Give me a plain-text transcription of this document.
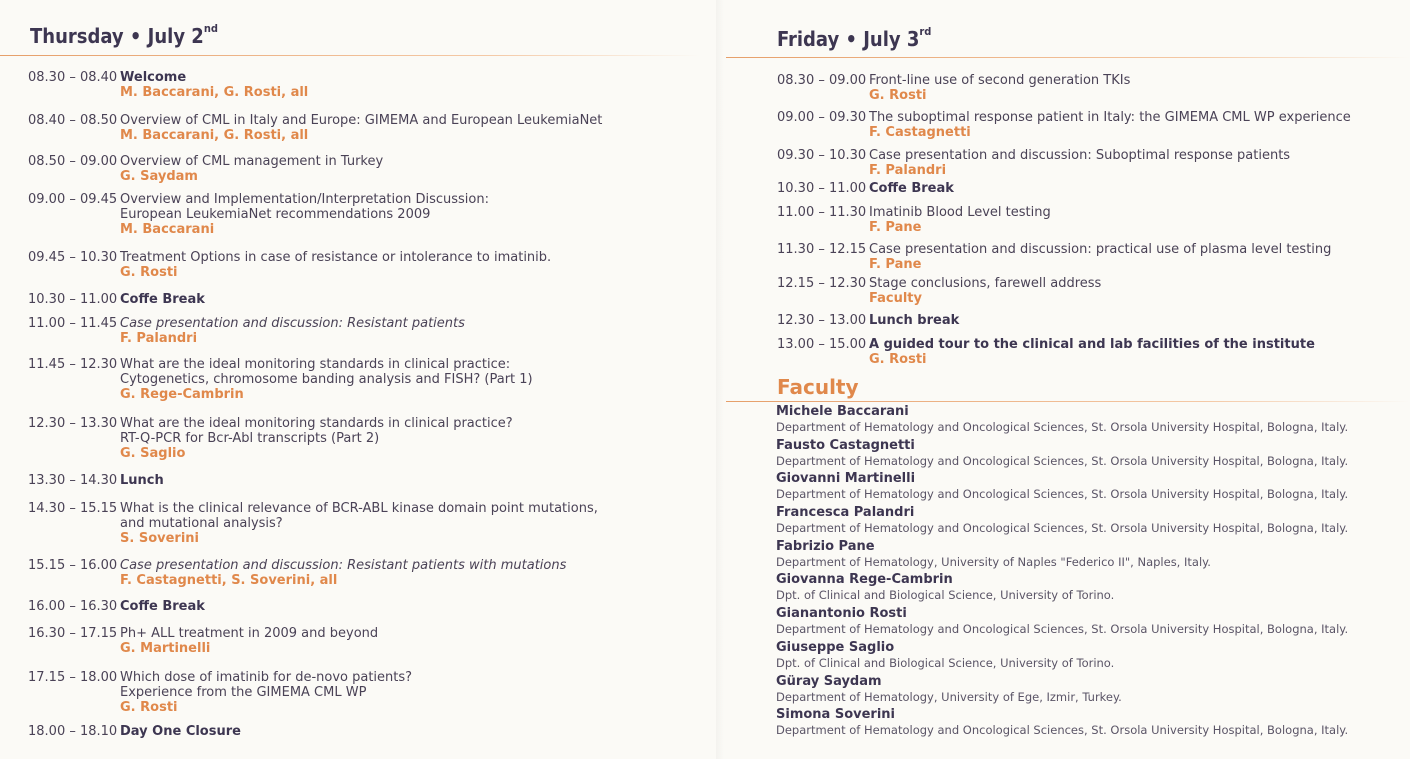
Thursday • July 2nd
08.30 – 08.40 Welcome
M. Baccarani, G. Rosti, all
08.40 – 08.50 Overview of CML in Italy and Europe: GIMEMA and European LeukemiaNet
M. Baccarani, G. Rosti, all
08.50 – 09.00 Overview of CML management in Turkey
G. Saydam
09.00 – 09.45 Overview and Implementation/Interpretation Discussion:
European LeukemiaNet recommendations 2009
M. Baccarani
09.45 – 10.30 Treatment Options in case of resistance or intolerance to imatinib.
G. Rosti
10.30 – 11.00 Coffe Break
11.00 – 11.45 Case presentation and discussion: Resistant patients
F. Palandri
11.45 – 12.30 What are the ideal monitoring standards in clinical practice:
Cytogenetics, chromosome banding analysis and FISH? (Part 1)
G. Rege-Cambrin
12.30 – 13.30 What are the ideal monitoring standards in clinical practice?
RT-Q-PCR for Bcr-Abl transcripts (Part 2)
G. Saglio
13.30 – 14.30 Lunch
14.30 – 15.15 What is the clinical relevance of BCR-ABL kinase domain point mutations,
and mutational analysis?
S. Soverini
15.15 – 16.00 Case presentation and discussion: Resistant patients with mutations
F. Castagnetti, S. Soverini, all
16.00 – 16.30 Coffe Break
16.30 – 17.15 Ph+ ALL treatment in 2009 and beyond
G. Martinelli
17.15 – 18.00 Which dose of imatinib for de-novo patients?
Experience from the GIMEMA CML WP
G. Rosti
18.00 – 18.10 Day One Closure
Friday • July 3rd
08.30 – 09.00 Front-line use of second generation TKIs
G. Rosti
09.00 – 09.30 The suboptimal response patient in Italy: the GIMEMA CML WP experience
F. Castagnetti
09.30 – 10.30 Case presentation and discussion: Suboptimal response patients
F. Palandri
10.30 – 11.00 Coffe Break
11.00 – 11.30 Imatinib Blood Level testing
F. Pane
11.30 – 12.15 Case presentation and discussion: practical use of plasma level testing
F. Pane
12.15 – 12.30 Stage conclusions, farewell address
Faculty
12.30 – 13.00 Lunch break
13.00 – 15.00 A guided tour to the clinical and lab facilities of the institute
G. Rosti
Faculty
Michele Baccarani
Department of Hematology and Oncological Sciences, St. Orsola University Hospital, Bologna, Italy.
Fausto Castagnetti
Department of Hematology and Oncological Sciences, St. Orsola University Hospital, Bologna, Italy.
Giovanni Martinelli
Department of Hematology and Oncological Sciences, St. Orsola University Hospital, Bologna, Italy.
Francesca Palandri
Department of Hematology and Oncological Sciences, St. Orsola University Hospital, Bologna, Italy.
Fabrizio Pane
Department of Hematology, University of Naples "Federico II", Naples, Italy.
Giovanna Rege-Cambrin
Dpt. of Clinical and Biological Science, University of Torino.
Gianantonio Rosti
Department of Hematology and Oncological Sciences, St. Orsola University Hospital, Bologna, Italy.
Giuseppe Saglio
Dpt. of Clinical and Biological Science, University of Torino.
Güray Saydam
Department of Hematology, University of Ege, Izmir, Turkey.
Simona Soverini
Department of Hematology and Oncological Sciences, St. Orsola University Hospital, Bologna, Italy.
